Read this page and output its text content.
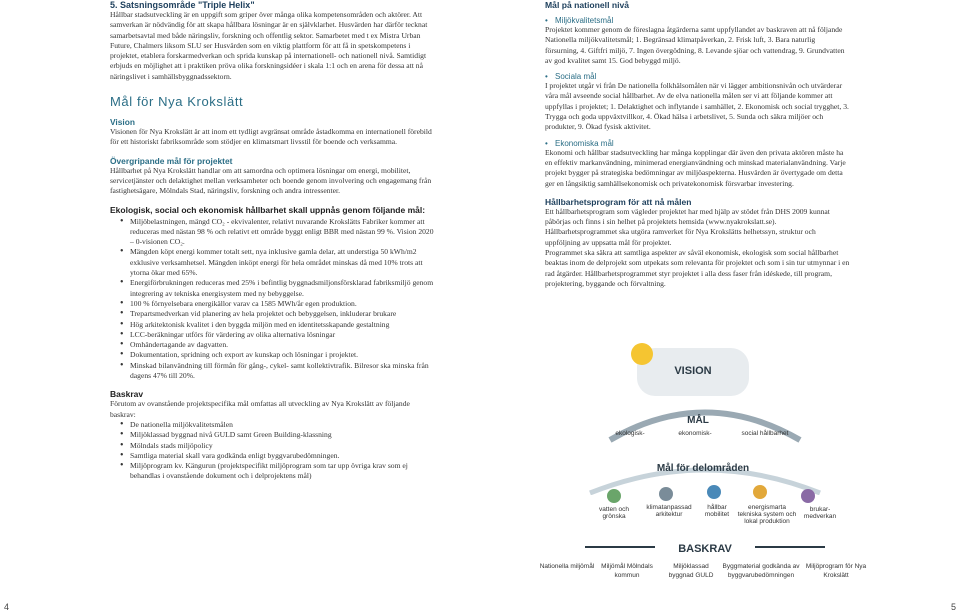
5. Satsningsområde "Triple Helix"

Hållbar stadsutveckling är en uppgift som griper över många olika kompetensområden och aktörer. Att samverkan är nödvändig för att skapa hållbara lösningar är en självklarhet. Husvärden har därför tecknat samarbetsavtal med både näringsliv, forskning och offentlig sektor. Samarbetet med t ex Mistra Urban Future, Chalmers liksom SLU ser Husvärden som en viktig plattform för att få in spetskompetens i projektet, etablera forskarmedverkan och sprida kunskap på internationell- och nationell nivå. Samtidigt erbjuds en möjlighet att i praktiken pröva olika forskningsidéer i skala 1:1 och en arena för dessa att nå näringslivet i samhällsbyggnadssektorn.

Mål för Nya Krokslätt
Vision

Visionen för Nya Krokslätt är att inom ett tydligt avgränsat område åstadkomma en internationell förebild för ett historiskt fabriksområde som stödjer en klimatsmart livsstil för boende och verksamma.

Övergripande mål för projektet

Hållbarhet på Nya Krokslätt handlar om att samordna och optimera lösningar om energi, mobilitet, servicetjänster och delaktighet mellan verksamheter och boende genom involvering och engagemang från fastighetsägare, Mölndals Stad, näringsliv, forskning och andra intressenter.

Ekologisk, social och ekonomisk hållbarhet skall uppnås genom följande mål:
• Miljöbelastningen, mängd CO₂ - ekvivalenter, relativt nuvarande Krokslätts Fabriker kommer att reduceras med nästan 98 % och relativt ett område byggt enligt BBR med nästan 99 %. Vision 2020 – 0-visionen CO₂.
• Mängden köpt energi kommer totalt sett, nya inklusive gamla delar, att understiga 50 kWh/m2 exklusive verksamhetsel. Mängden inköpt energi för hela området minskas då med 10% trots att ytorna ökar med 65%.
• Energiförbrukningen reduceras med 25% i befintlig byggnadsmiljonsförsklarad fabriksmiljö genom integrering av tekniska energisystem med ny bebyggelse.
• 100 % förnyelsebara energikällor varav ca 1585 MWh/år egen produktion.
• Trepartsmedverkan vid planering av hela projektet och bebyggelsen, inkluderar brukare
• Hög arkitektonisk kvalitet i den byggda miljön med en identitetsskapande gestaltning
• LCC-beräkningar utförs för värdering av olika alternativa lösningar
• Omhändertagande av dagvatten.
• Dokumentation, spridning och export av kunskap och lösningar i projektet.
• Minskad bilanvändning till förmån för gång-, cykel- samt kollektivtrafik. Bilresor ska minska från dagens 47% till 20%.
Baskrav

Förutom av ovanstående projektspecifika mål omfattas all utveckling av Nya Krokslätt av följande baskrav:

• De nationella miljökvalitetsmålen
• Miljöklassad byggnad nivå GULD samt Green Building-klassning
• Mölndals stads miljöpolicy
• Samtliga material skall vara godkända enligt byggvarubedömningen.
• Miljöprogram kv. Kängurun (projektspecifikt miljöprogram som tar upp övriga krav som ej behandlas i ovanstående dokument och i delprojektens mål)
4
Mål på nationell nivå
• Miljökvalitetsmål

Projektet kommer genom de föreslagna åtgärderna samt uppfyllandet av baskraven att nå följande Nationella miljökvalitetsmål; 1. Begränsad klimatpåverkan, 2. Frisk luft, 3. Bara naturlig försurning, 4. Giftfri miljö, 7. Ingen övergödning, 8. Levande sjöar och vattendrag, 9. Grundvatten av god kvalitet samt 15. God bebyggd miljö.

• Sociala mål

I projektet utgår vi från De nationella folkhälsomålen när vi lägger ambitionsnivån och utvärderar våra mål avseende social hållbarhet. Av de elva nationella målen ser vi att följande kommer att uppfyllas i projektet; 1. Delaktighet och inflytande i samhället, 2. Ekonomisk och social trygghet, 3. Trygga och goda uppväxtvillkor, 4. Ökad hälsa i arbetslivet, 5. Sunda och säkra miljöer och produkter, 9. Ökad fysisk aktivitet.

• Ekonomiska mål

Ekonomi och hållbar stadsutveckling har många kopplingar där även den privata aktören måste ha en effektiv markanvändning, minimerad energianvändning och minskad materialanvändning. Varje projekt bygger på strategiska bedömningar av miljöaspekterna. Husvärden är övertygade om detta ger en långsiktig samhällsekonomisk och privatekonomisk försvarbar investering.

Hållbarhetsprogram för att nå målen

Ett hållbarhetsprogram som vägleder projektet har med hjälp av stödet från DHS 2009 kunnat påbörjas och finns i sin helhet på projektets hemsida (www.nyakrokslatt.se). Hållbarhetsprogrammet ska utgöra ramverket för Nya Krokslätts helhetssyn, struktur och uppföljning av uppsatta mål för projektet.

Programmet ska säkra att samtliga aspekter av såväl ekonomisk, ekologisk som social hållbarhet beaktas inom de delprojekt som utpekats som relevanta för projektet och som i sin tur utmynnar i en rad åtgärder. Hållbarhetsprogrammet styr projektet i alla dess faser från idéskede, till program, projektering, byggande och förvaltning.

5
VISION
MÅL
ekologisk-	ekonomisk-	social hållbarhet
Mål för delområden
vatten och grönska
klimatanpassad arkitektur
hållbar mobilitet
energismarta tekniska system och lokal produktion
brukar-medverkan
BASKRAV
Nationella miljömål	Miljömål Mölndals kommun
Miljöklassad byggnad GULD
Byggmaterial godkända av byggvarubedömningen
Miljöprogram för Nya Krokslätt
